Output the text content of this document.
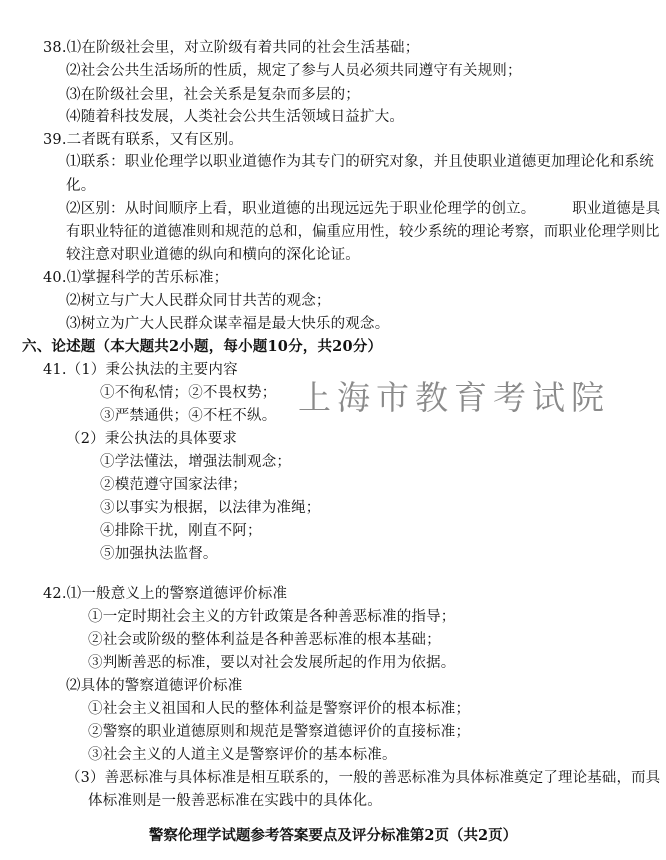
38.⑴在阶级社会里，对立阶级有着共同的社会生活基础；
⑵社会公共生活场所的性质，规定了参与人员必须共同遵守有关规则；
⑶在阶级社会里，社会关系是复杂而多层的；
⑷随着科技发展，人类社会公共生活领域日益扩大。
39.二者既有联系，又有区别。
⑴联系：职业伦理学以职业道德作为其专门的研究对象，并且使职业道德更加理论化和系统
化。
⑵区别：从时间顺序上看，职业道德的出现远远先于职业伦理学的创立。　　　职业道德是具
有职业特征的道德准则和规范的总和，偏重应用性，较少系统的理论考察，而职业伦理学则比
较注意对职业道德的纵向和横向的深化论证。
40.⑴掌握科学的苦乐标准；
⑵树立与广大人民群众同甘共苦的观念；
⑶树立为广大人民群众谋幸福是最大快乐的观念。
六、论述题（本大题共2小题，每小题10分，共20分）
41.（1）秉公执法的主要内容
①不徇私情；②不畏权势；
③严禁通供；④不枉不纵。
（2）秉公执法的具体要求
①学法懂法，增强法制观念；
②模范遵守国家法律；
③以事实为根据，以法律为准绳；
④排除干扰，刚直不阿；
⑤加强执法监督。
42.⑴一般意义上的警察道德评价标准
①一定时期社会主义的方针政策是各种善恶标准的指导；
②社会或阶级的整体利益是各种善恶标准的根本基础；
③判断善恶的标准，要以对社会发展所起的作用为依据。
⑵具体的警察道德评价标准
①社会主义祖国和人民的整体利益是警察评价的根本标准；
②警察的职业道德原则和规范是警察道德评价的直接标准；
③社会主义的人道主义是警察评价的基本标准。
（3）善恶标准与具体标准是相互联系的，一般的善恶标准为具体标准奠定了理论基础，而具
体标准则是一般善恶标准在实践中的具体化。
上海市教育考试院
警察伦理学试题参考答案要点及评分标准第2页（共2页）
